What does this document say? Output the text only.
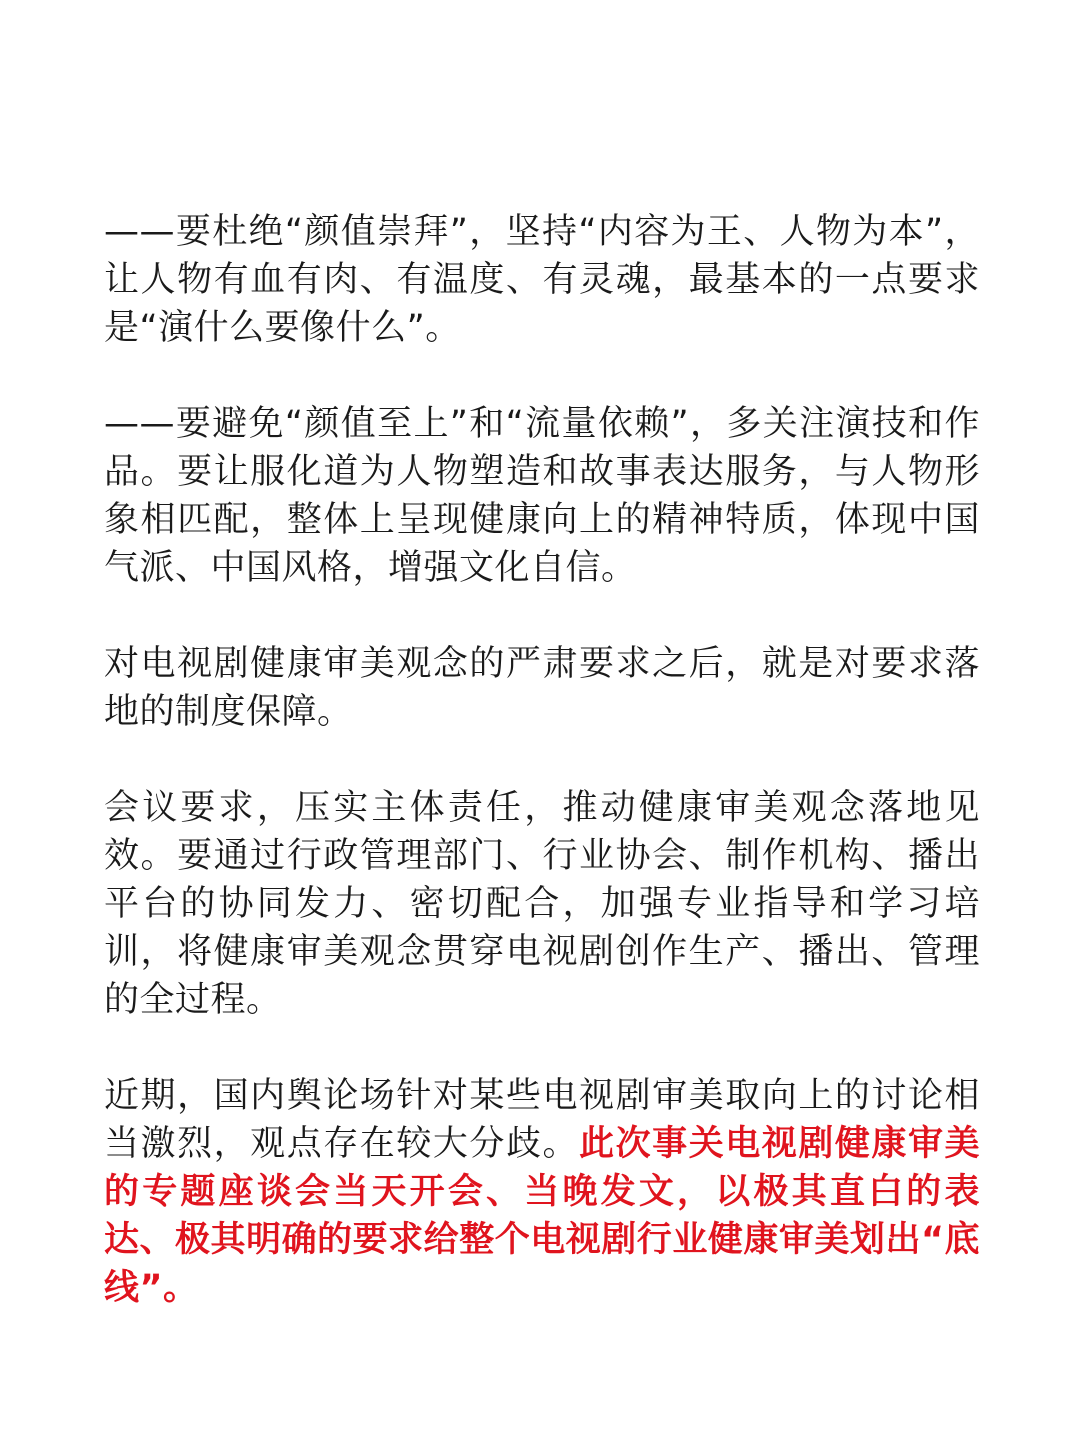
——要杜绝“颜值崇拜”，坚持“内容为王、人物为本”，让人物有血有肉、有温度、有灵魂，最基本的一点要求是“演什么要像什么”。

——要避免“颜值至上”和“流量依赖”，多关注演技和作品。要让服化道为人物塑造和故事表达服务，与人物形象相匹配，整体上呈现健康向上的精神特质，体现中国气派、中国风格，增强文化自信。

对电视剧健康审美观念的严肃要求之后，就是对要求落地的制度保障。

会议要求，压实主体责任，推动健康审美观念落地见效。要通过行政管理部门、行业协会、制作机构、播出平台的协同发力、密切配合，加强专业指导和学习培训，将健康审美观念贯穿电视剧创作生产、播出、管理的全过程。

近期，国内舆论场针对某些电视剧审美取向上的讨论相当激烈，观点存在较大分歧。此次事关电视剧健康审美的专题座谈会当天开会、当晚发文，以极其直白的表达、极其明确的要求给整个电视剧行业健康审美划出“底线”。
